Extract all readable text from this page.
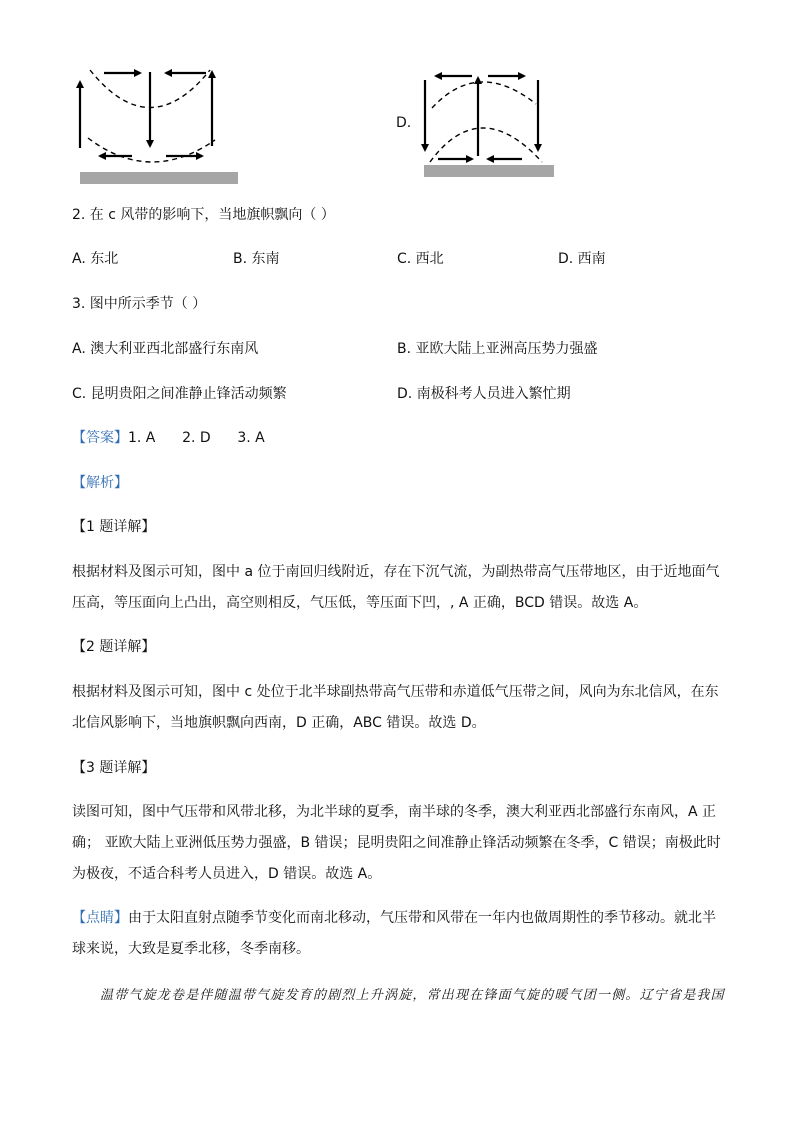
D.
2. 在 c 风带的影响下，当地旗帜飘向（ ）
A. 东北	B. 东南	C. 西北	D. 西南
3. 图中所示季节（ ）
A. 澳大利亚西北部盛行东南风	B. 亚欧大陆上亚洲高压势力强盛
C. 昆明贵阳之间准静止锋活动频繁	D. 南极科考人员进入繁忙期
【答案】1. A      2. D      3. A
【解析】
【1 题详解】
根据材料及图示可知，图中 a 位于南回归线附近，存在下沉气流，为副热带高气压带地区，由于近地面气
压高，等压面向上凸出，高空则相反，气压低，等压面下凹，, A 正确，BCD 错误。故选 A。
【2 题详解】
根据材料及图示可知，图中 c 处位于北半球副热带高气压带和赤道低气压带之间，风向为东北信风，在东
北信风影响下，当地旗帜飘向西南，D 正确，ABC 错误。故选 D。
【3 题详解】
读图可知，图中气压带和风带北移，为北半球的夏季，南半球的冬季，澳大利亚西北部盛行东南风，A 正
确； 亚欧大陆上亚洲低压势力强盛，B 错误；昆明贵阳之间准静止锋活动频繁在冬季，C 错误；南极此时
为极夜，不适合科考人员进入，D 错误。故选 A。
【点睛】由于太阳直射点随季节变化而南北移动，气压带和风带在一年内也做周期性的季节移动。就北半
球来说，大致是夏季北移，冬季南移。
温带气旋龙卷是伴随温带气旋发育的剧烈上升涡旋，常出现在锋面气旋的暖气团一侧。辽宁省是我国
